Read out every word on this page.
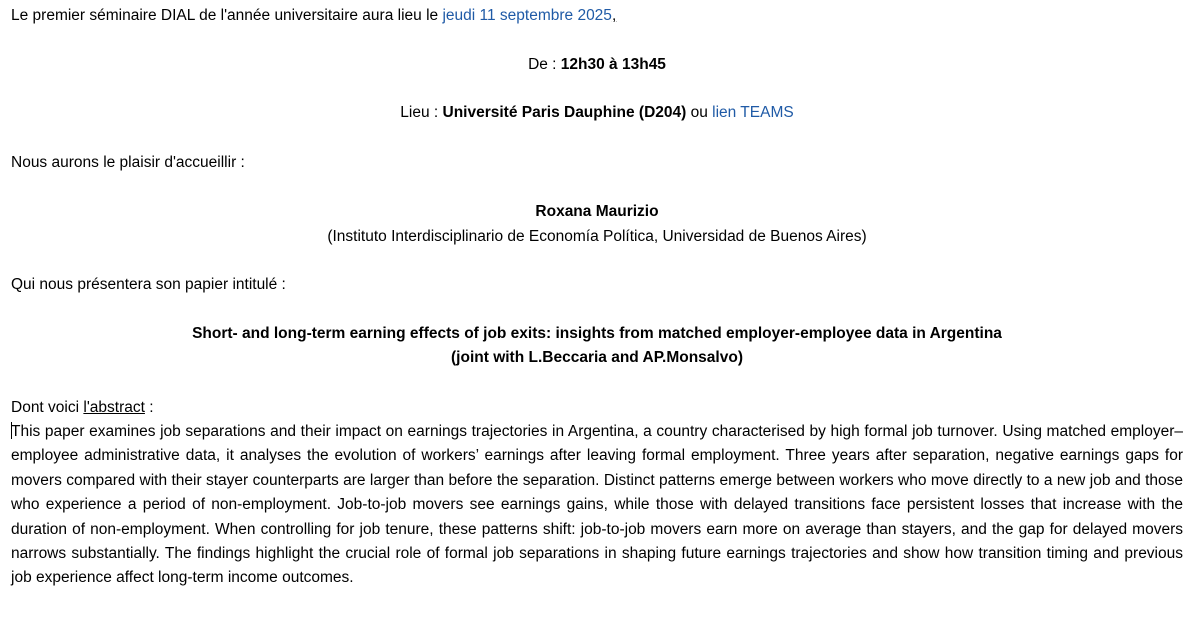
Le premier séminaire DIAL de l'année universitaire aura lieu le jeudi 11 septembre 2025,
De : 12h30 à 13h45
Lieu : Université Paris Dauphine (D204) ou lien TEAMS
Nous aurons le plaisir d'accueillir :
Roxana Maurizio
(Instituto Interdisciplinario de Economía Política, Universidad de Buenos Aires)
Qui nous présentera son papier intitulé :
Short- and long-term earning effects of job exits: insights from matched employer-employee data in Argentina
(joint with L.Beccaria and AP.Monsalvo)
Dont voici l'abstract :
This paper examines job separations and their impact on earnings trajectories in Argentina, a country characterised by high formal job turnover. Using matched employer–employee administrative data, it analyses the evolution of workers’ earnings after leaving formal employment. Three years after separation, negative earnings gaps for movers compared with their stayer counterparts are larger than before the separation. Distinct patterns emerge between workers who move directly to a new job and those who experience a period of non-employment. Job-to-job movers see earnings gains, while those with delayed transitions face persistent losses that increase with the duration of non-employment. When controlling for job tenure, these patterns shift: job-to-job movers earn more on average than stayers, and the gap for delayed movers narrows substantially. The findings highlight the crucial role of formal job separations in shaping future earnings trajectories and show how transition timing and previous job experience affect long-term income outcomes.
